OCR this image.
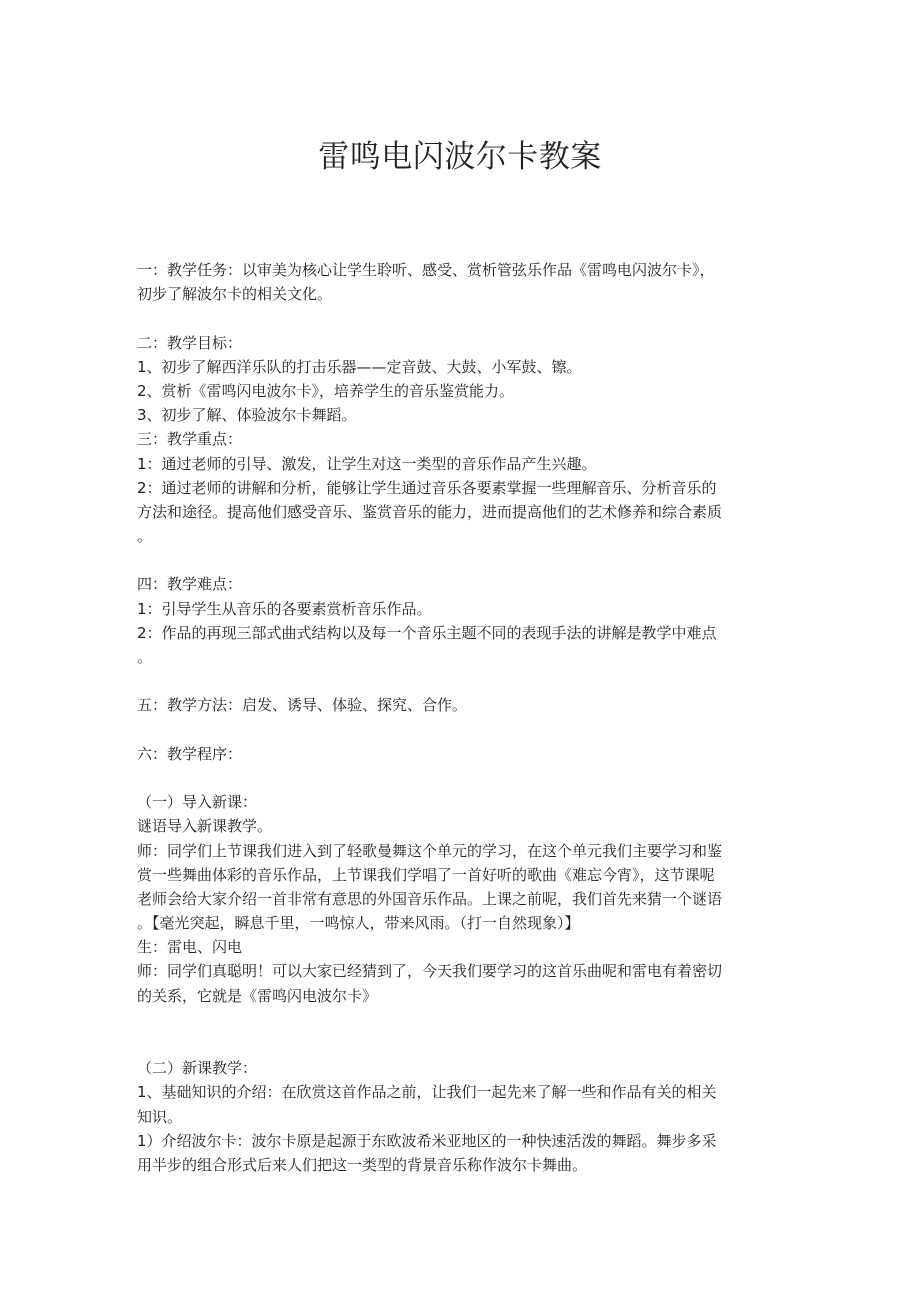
雷鸣电闪波尔卡教案
一：教学任务：以审美为核心让学生聆听、感受、赏析管弦乐作品《雷鸣电闪波尔卡》，
初步了解波尔卡的相关文化。
二：教学目标：
1、初步了解西洋乐队的打击乐器——定音鼓、大鼓、小军鼓、镲。
2、赏析《雷鸣闪电波尔卡》，培养学生的音乐鉴赏能力。
3、初步了解、体验波尔卡舞蹈。
三：教学重点：
1：通过老师的引导、激发，让学生对这一类型的音乐作品产生兴趣。
2：通过老师的讲解和分析，能够让学生通过音乐各要素掌握一些理解音乐、分析音乐的
方法和途径。提高他们感受音乐、鉴赏音乐的能力，进而提高他们的艺术修养和综合素质
。
四：教学难点：
1：引导学生从音乐的各要素赏析音乐作品。
2：作品的再现三部式曲式结构以及每一个音乐主题不同的表现手法的讲解是教学中难点
。
五：教学方法：启发、诱导、体验、探究、合作。
六：教学程序：
（一）导入新课：
谜语导入新课教学。
师：同学们上节课我们进入到了轻歌曼舞这个单元的学习，在这个单元我们主要学习和鉴
赏一些舞曲体彩的音乐作品，上节课我们学唱了一首好听的歌曲《难忘今宵》，这节课呢
老师会给大家介绍一首非常有意思的外国音乐作品。上课之前呢，我们首先来猜一个谜语
。【毫光突起，瞬息千里，一鸣惊人，带来风雨。（打一自然现象）】
生：雷电、闪电
师：同学们真聪明！可以大家已经猜到了，今天我们要学习的这首乐曲呢和雷电有着密切
的关系，它就是《雷鸣闪电波尔卡》
（二）新课教学：
1、基础知识的介绍：在欣赏这首作品之前，让我们一起先来了解一些和作品有关的相关
知识。
1）介绍波尔卡：波尔卡原是起源于东欧波希米亚地区的一种快速活泼的舞蹈。舞步多采
用半步的组合形式后来人们把这一类型的背景音乐称作波尔卡舞曲。
